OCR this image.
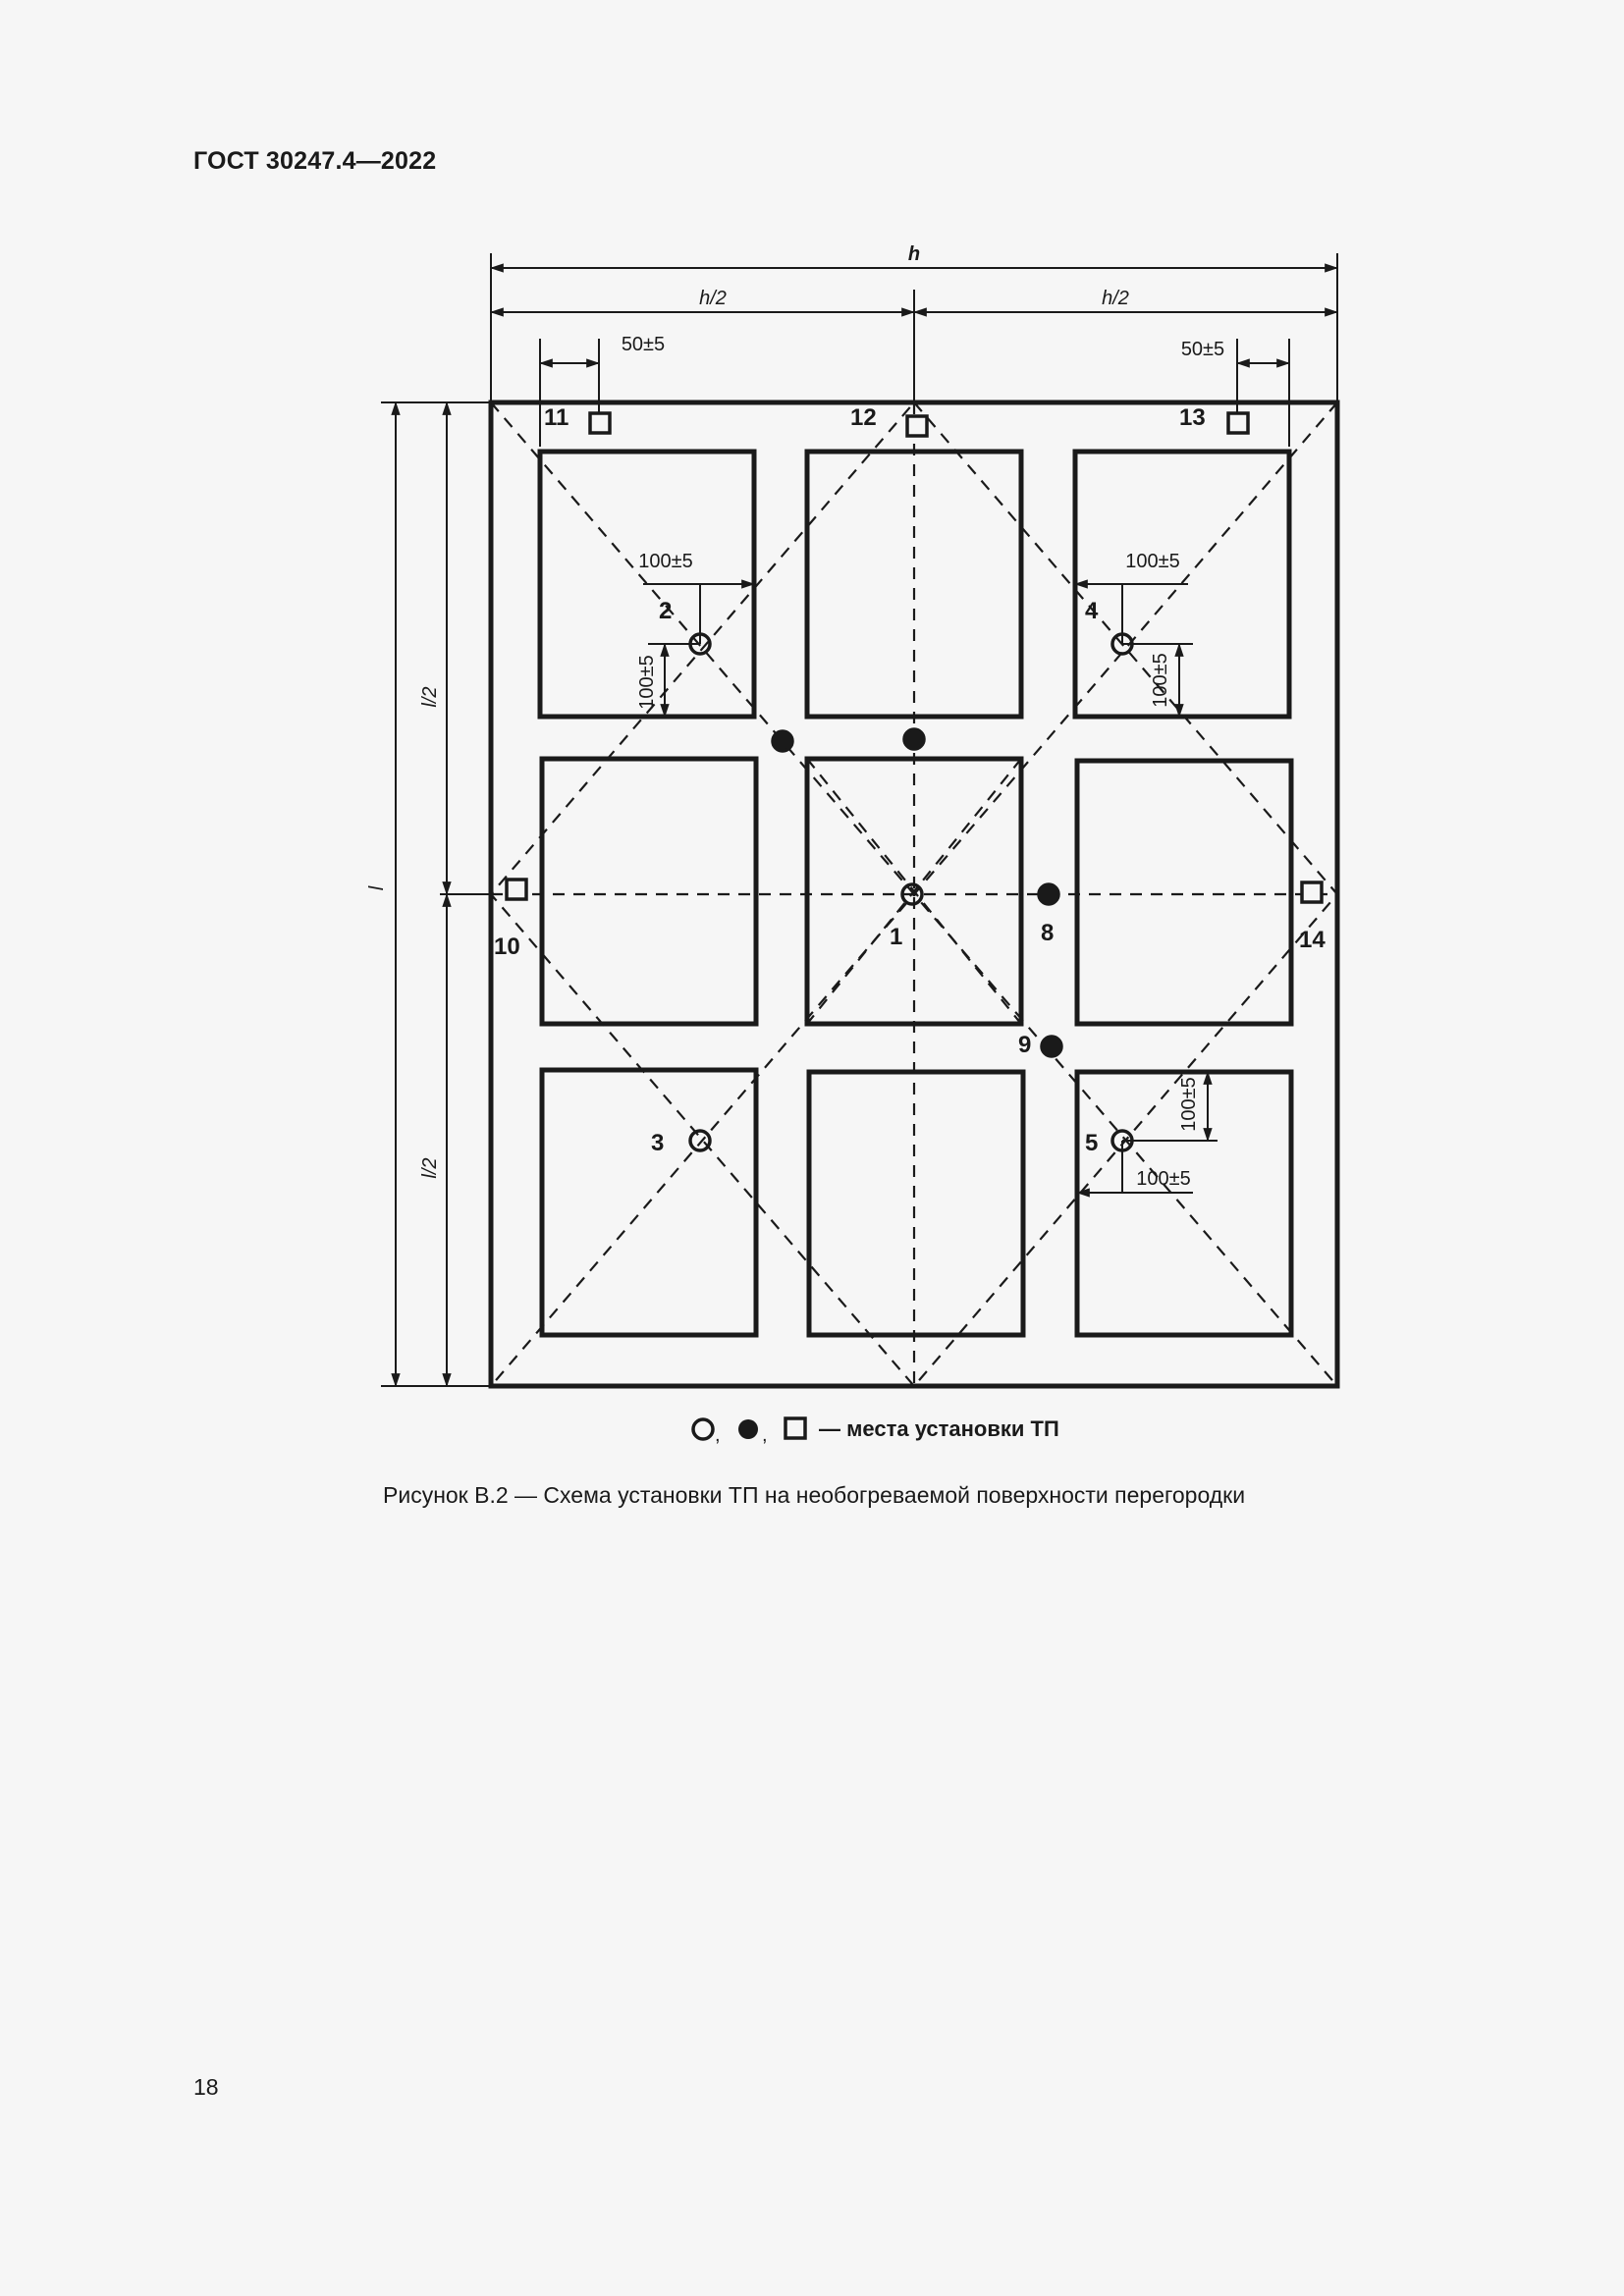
ГОСТ 30247.4—2022
h
h/2	h/2
50±5	50±5
l
l/2
l/2
100±5
100±5
100±5
100±5
100±5
100±5
1
2
3
4
5
8
9
10
11	12	13
14
, , — места установки ТП
Рисунок В.2 — Схема установки ТП на необогреваемой поверхности перегородки
18
